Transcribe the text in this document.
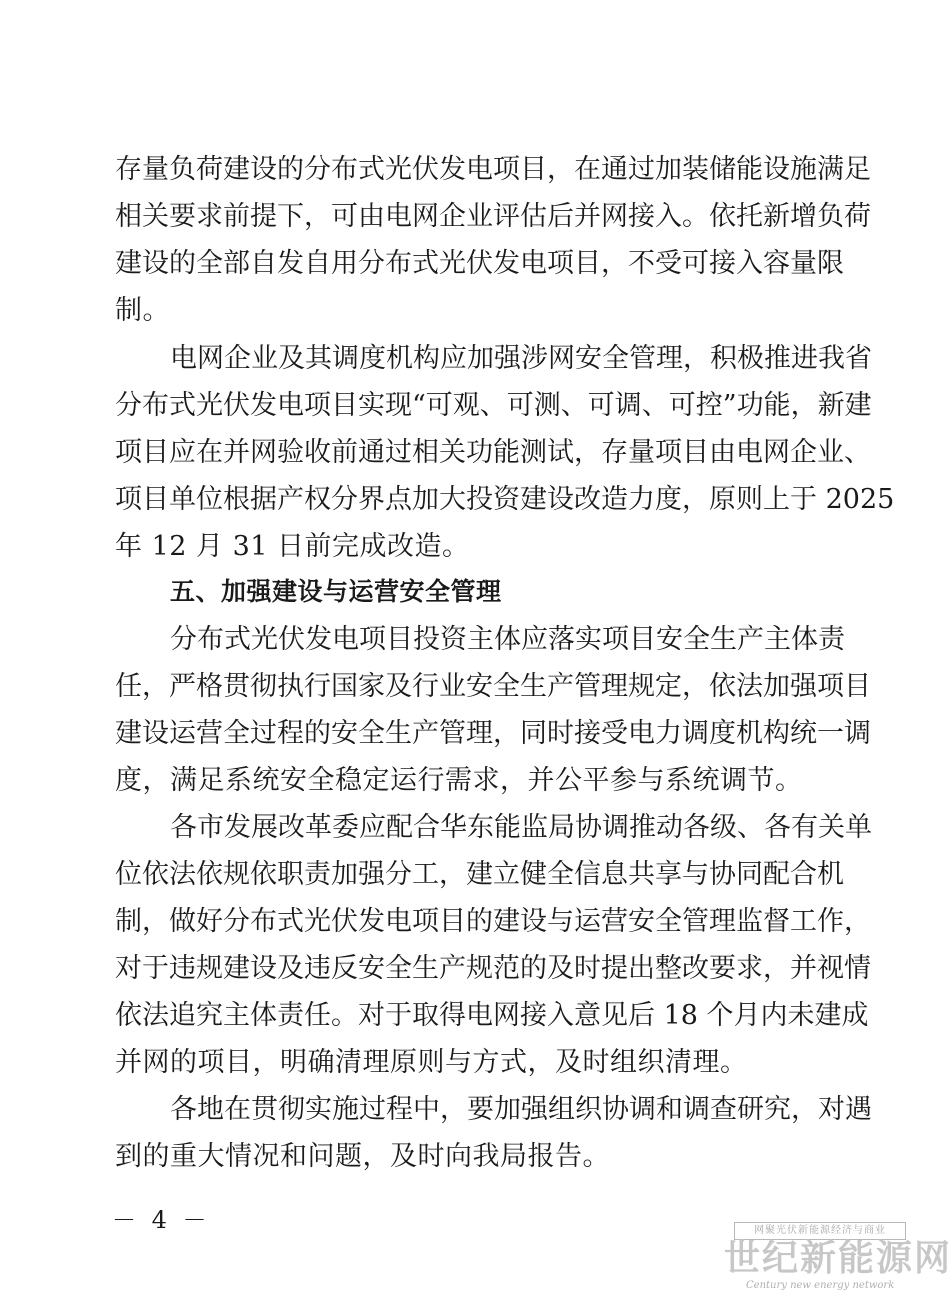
存量负荷建设的分布式光伏发电项目，在通过加装储能设施满足
相关要求前提下，可由电网企业评估后并网接入。依托新增负荷
建设的全部自发自用分布式光伏发电项目，不受可接入容量限
制。
电网企业及其调度机构应加强涉网安全管理，积极推进我省
分布式光伏发电项目实现“可观、可测、可调、可控”功能，新建
项目应在并网验收前通过相关功能测试，存量项目由电网企业、
项目单位根据产权分界点加大投资建设改造力度，原则上于 2025
年 12 月 31 日前完成改造。
五、加强建设与运营安全管理
分布式光伏发电项目投资主体应落实项目安全生产主体责
任，严格贯彻执行国家及行业安全生产管理规定，依法加强项目
建设运营全过程的安全生产管理，同时接受电力调度机构统一调
度，满足系统安全稳定运行需求，并公平参与系统调节。
各市发展改革委应配合华东能监局协调推动各级、各有关单
位依法依规依职责加强分工，建立健全信息共享与协同配合机
制，做好分布式光伏发电项目的建设与运营安全管理监督工作，
对于违规建设及违反安全生产规范的及时提出整改要求，并视情
依法追究主体责任。对于取得电网接入意见后 18 个月内未建成
并网的项目，明确清理原则与方式，及时组织清理。
各地在贯彻实施过程中，要加强组织协调和调查研究，对遇
到的重大情况和问题，及时向我局报告。
－ 4 －	网聚光伏新能源经济与商业
世纪新能源网
Century new energy network
